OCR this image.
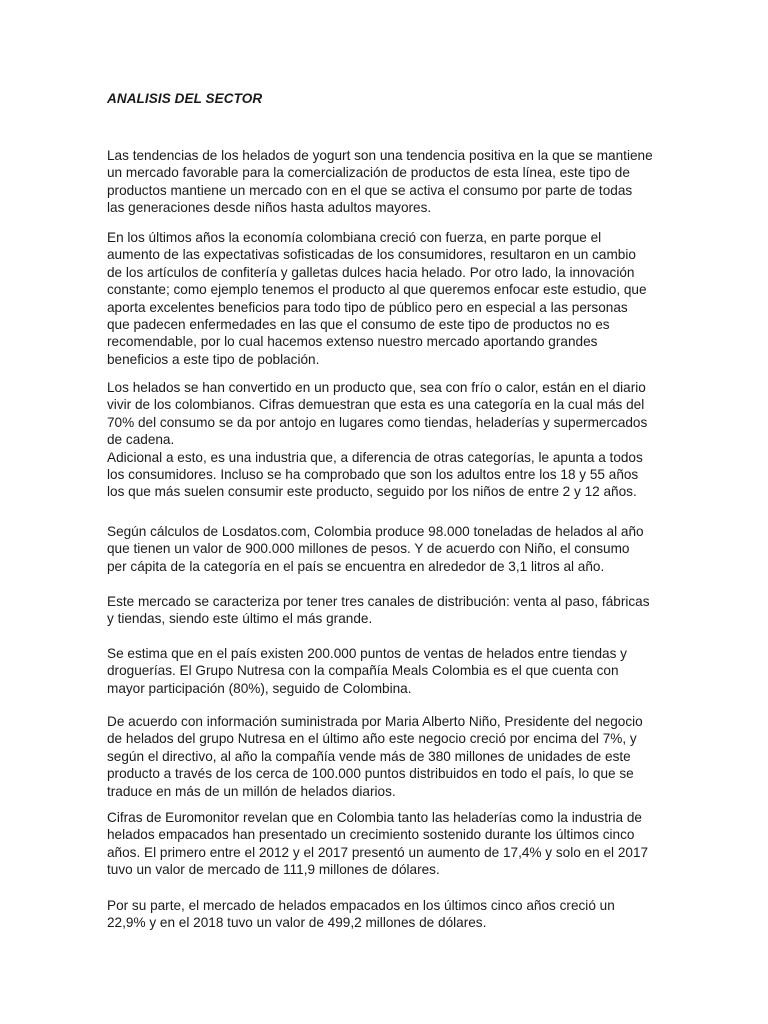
ANALISIS DEL SECTOR
Las tendencias de los helados de yogurt son una tendencia positiva en la que se mantiene
un mercado favorable para la comercialización de productos de esta línea, este tipo de
productos mantiene un mercado con en el que se activa el consumo por parte de todas
las generaciones desde niños hasta adultos mayores.
En los últimos años la economía colombiana creció con fuerza, en parte porque el
aumento de las expectativas sofisticadas de los consumidores, resultaron en un cambio
de los artículos de confitería y galletas dulces hacia helado. Por otro lado, la innovación
constante; como ejemplo tenemos el producto al que queremos enfocar este estudio, que
aporta excelentes beneficios para todo tipo de público pero en especial a las personas
que padecen enfermedades en las que el consumo de este tipo de productos no es
recomendable, por lo cual hacemos extenso nuestro mercado aportando grandes
beneficios a este tipo de población.
Los helados se han convertido en un producto que, sea con frío o calor, están en el diario
vivir de los colombianos. Cifras demuestran que esta es una categoría en la cual más del
70% del consumo se da por antojo en lugares como tiendas, heladerías y supermercados
de cadena.
Adicional a esto, es una industria que, a diferencia de otras categorías, le apunta a todos
los consumidores. Incluso se ha comprobado que son los adultos entre los 18 y 55 años
los que más suelen consumir este producto, seguido por los niños de entre 2 y 12 años.
Según cálculos de Losdatos.com, Colombia produce 98.000 toneladas de helados al año
que tienen un valor de 900.000 millones de pesos. Y de acuerdo con Niño, el consumo
per cápita de la categoría en el país se encuentra en alrededor de 3,1 litros al año.
Este mercado se caracteriza por tener tres canales de distribución: venta al paso, fábricas
y tiendas, siendo este último el más grande.
Se estima que en el país existen 200.000 puntos de ventas de helados entre tiendas y
droguerías. El Grupo Nutresa con la compañía Meals Colombia es el que cuenta con
mayor participación (80%), seguido de Colombina.
De acuerdo con información suministrada por Maria Alberto Niño, Presidente del negocio
de helados del grupo Nutresa en el último año este negocio creció por encima del 7%, y
según el directivo, al año la compañía vende más de 380 millones de unidades de este
producto a través de los cerca de 100.000 puntos distribuidos en todo el país, lo que se
traduce en más de un millón de helados diarios.
Cifras de Euromonitor revelan que en Colombia tanto las heladerías como la industria de
helados empacados han presentado un crecimiento sostenido durante los últimos cinco
años. El primero entre el 2012 y el 2017 presentó un aumento de 17,4% y solo en el 2017
tuvo un valor de mercado de 111,9 millones de dólares.
Por su parte, el mercado de helados empacados en los últimos cinco años creció un
22,9% y en el 2018 tuvo un valor de 499,2 millones de dólares.
